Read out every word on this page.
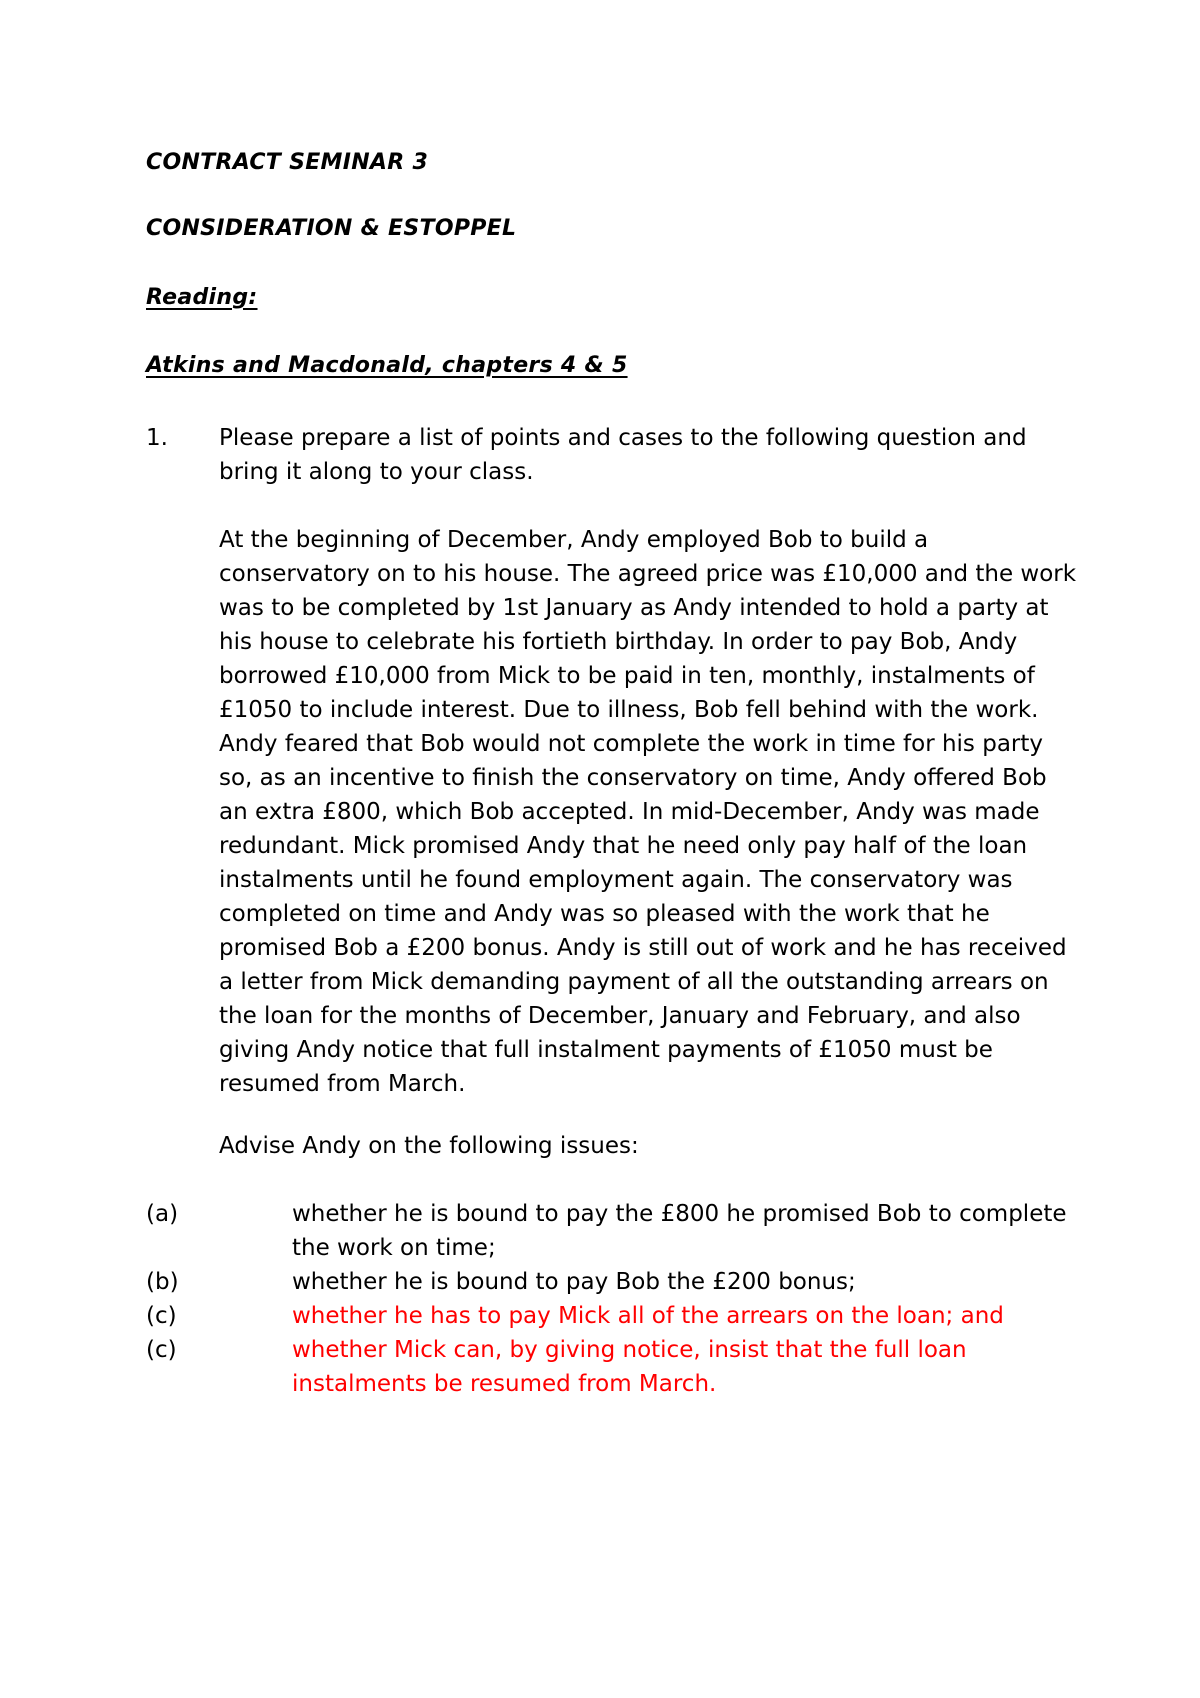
CONTRACT SEMINAR 3
CONSIDERATION & ESTOPPEL
Reading:
Atkins and Macdonald, chapters 4 & 5
1. Please prepare a list of points and cases to the following question and
bring it along to your class.
At the beginning of December, Andy employed Bob to build a
conservatory on to his house. The agreed price was £10,000 and the work
was to be completed by 1st January as Andy intended to hold a party at
his house to celebrate his fortieth birthday. In order to pay Bob, Andy
borrowed £10,000 from Mick to be paid in ten, monthly, instalments of
£1050 to include interest. Due to illness, Bob fell behind with the work.
Andy feared that Bob would not complete the work in time for his party
so, as an incentive to finish the conservatory on time, Andy offered Bob
an extra £800, which Bob accepted. In mid-December, Andy was made
redundant. Mick promised Andy that he need only pay half of the loan
instalments until he found employment again. The conservatory was
completed on time and Andy was so pleased with the work that he
promised Bob a £200 bonus. Andy is still out of work and he has received
a letter from Mick demanding payment of all the outstanding arrears on
the loan for the months of December, January and February, and also
giving Andy notice that full instalment payments of £1050 must be
resumed from March.
Advise Andy on the following issues:
(a)	whether he is bound to pay the £800 he promised Bob to complete
the work on time;
(b)	whether he is bound to pay Bob the £200 bonus;
(c)	whether he has to pay Mick all of the arrears on the loan; and
(c)	whether Mick can, by giving notice, insist that the full loan
instalments be resumed from March.
